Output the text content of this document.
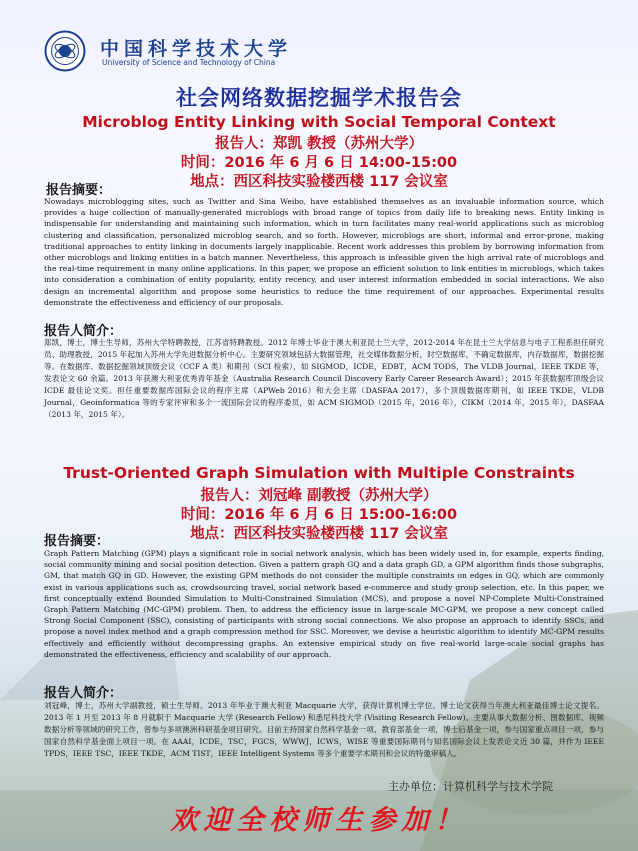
中国科学技术大学
University of Science and Technology of China
社会网络数据挖掘学术报告会
Microblog Entity Linking with Social Temporal Context
报告人：郑凯 教授（苏州大学）
时间：2016 年 6 月 6 日 14:00-15:00
地点：西区科技实验楼西楼 117 会议室
报告摘要：
Nowadays microblogging sites, such as Twitter and Sina Weibo, have established themselves as an invaluable information source, which provides a huge collection of manually-generated microblogs with broad range of topics from daily life to breaking news. Entity linking is indispensable for understanding and maintaining such information, which in turn facilitates many real-world applications such as microblog clustering and classification, personalized microblog search, and so forth. However, microblogs are short, informal and error-prone, making traditional approaches to entity linking in documents largely inapplicable. Recent work addresses this problem by borrowing information from other microblogs and linking entities in a batch manner. Nevertheless, this approach is infeasible given the high arrival rate of microblogs and the real-time requirement in many online applications. In this paper, we propose an efficient solution to link entities in microblogs, which takes into consideration a combination of entity popularity, entity recency, and user interest information embedded in social interactions. We also design an incremental algorithm and propose some heuristics to reduce the time requirement of our approaches. Experimental results demonstrate the effectiveness and efficiency of our proposals.
报告人简介：
郑凯，博士，博士生导师，苏州大学特聘教授，江苏省特聘教授。2012 年博士毕业于澳大利亚昆士兰大学，2012-2014 年在昆士兰大学信息与电子工程系担任研究员、助理教授，2015 年起加入苏州大学先进数据分析中心。主要研究领域包括大数据管理，社交媒体数据分析，时空数据库，不确定数据库，内存数据库，数据挖掘等。在数据库、数据挖掘领域顶级会议（CCF A 类）和期刊（SCI 检索），如 SIGMOD，ICDE，EDBT，ACM TODS，The VLDB Journal，IEEE TKDE 等，发表论文 60 余篇。2013 年获澳大利亚优秀青年基金（Australia Research Council Discovery Early Career Research Award）；2015 年获数据库顶级会议 ICDE 最佳论文奖。担任重要数据库国际会议的程序主席（APWeb 2016）和大会主席（DASFAA 2017），多个顶级数据库期刊，如 IEEE TKDE，VLDB Journal，Geoinformatica 等的专家评审和多个一流国际会议的程序委员，如 ACM SIGMOD（2015 年，2016 年），CIKM（2014 年，2015 年），DASFAA（2013 年，2015 年）。
Trust-Oriented Graph Simulation with Multiple Constraints
报告人：刘冠峰 副教授（苏州大学）
时间：2016 年 6 月 6 日 15:00-16:00
地点：西区科技实验楼西楼 117 会议室
报告摘要：
Graph Pattern Matching (GPM) plays a significant role in social network analysis, which has been widely used in, for example, experts finding, social community mining and social position detection. Given a pattern graph GQ and a data graph GD, a GPM algorithm finds those subgraphs, GM, that match GQ in GD. However, the existing GPM methods do not consider the multiple constraints on edges in GQ, which are commonly exist in various applications such as, crowdsourcing travel, social network based e-commerce and study group selection, etc. In this paper, we first conceptually extend Bounded Simulation to Multi-Constrained Simulation (MCS), and propose a novel NP-Complete Multi-Constrained Graph Pattern Matching (MC-GPM) problem. Then, to address the efficiency issue in large-scale MC-GPM, we propose a new concept called Strong Social Component (SSC), consisting of participants with strong social connections. We also propose an approach to identify SSCs, and propose a novel index method and a graph compression method for SSC. Moreover, we devise a heuristic algorithm to identify MC-GPM results effectively and efficiently without decompressing graphs. An extensive empirical study on five real-world large-scale social graphs has demonstrated the effectiveness, efficiency and scalability of our approach.
报告人简介：
刘冠峰，博士，苏州大学副教授，硕士生导师。2013 年毕业于澳大利亚 Macquarie 大学，获得计算机博士学位。博士论文获得当年澳大利亚最佳博士论文提名。2013 年 1 月至 2013 年 8 月就职于 Macquarie 大学 (Research Fellow) 和悉尼科技大学 (Visiting Research Fellow)。主要从事大数据分析、图数据库、视频数据分析等领域的研究工作，曾参与多项澳洲科研基金项目研究。目前主持国家自然科学基金一项、教育部基金一项，博士后基金一项，参与国家重点项目一项，参与国家自然科学基金面上项目一项。在 AAAI，ICDE，TSC，FGCS，WWWJ，ICWS，WISE 等重要国际期刊与知名国际会议上发表论文近 30 篇，并作为 IEEE TPDS，IEEE TSC，IEEE TKDE，ACM TIST，IEEE Intelligent Systems 等多个重要学术期刊和会议的特邀审稿人。
主办单位：计算机科学与技术学院
欢迎全校师生参加！
